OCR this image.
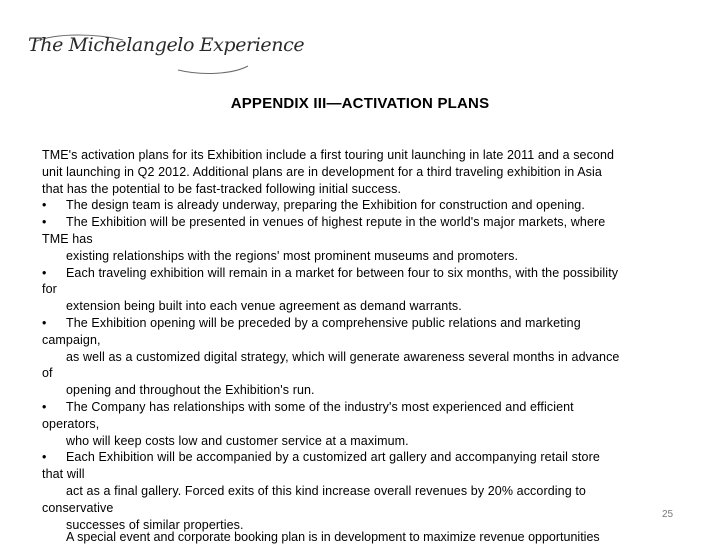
The Michelangelo Experience
APPENDIX III—ACTIVATION PLANS
TME's activation plans for its Exhibition include a first touring unit launching in late 2011 and a second
unit launching in Q2 2012. Additional plans are in development for a third traveling exhibition in Asia
that has the potential to be fast-tracked following initial success.
• The design team is already underway, preparing the Exhibition for construction and opening.
• The Exhibition will be presented in venues of highest repute in the world's major markets, where
TME has
existing relationships with the regions' most prominent museums and promoters.
• Each traveling exhibition will remain in a market for between four to six months, with the possibility
for
extension being built into each venue agreement as demand warrants.
• The Exhibition opening will be preceded by a comprehensive public relations and marketing
campaign,
as well as a customized digital strategy, which will generate awareness several months in advance
of
opening and throughout the Exhibition's run.
• The Company has relationships with some of the industry's most experienced and efficient
operators,
who will keep costs low and customer service at a maximum.
• Each Exhibition will be accompanied by a customized art gallery and accompanying retail store
that will
act as a final gallery. Forced exits of this kind increase overall revenues by 20% according to
conservative
successes of similar properties.
A special event and corporate booking plan is in development to maximize revenue opportunities
25
